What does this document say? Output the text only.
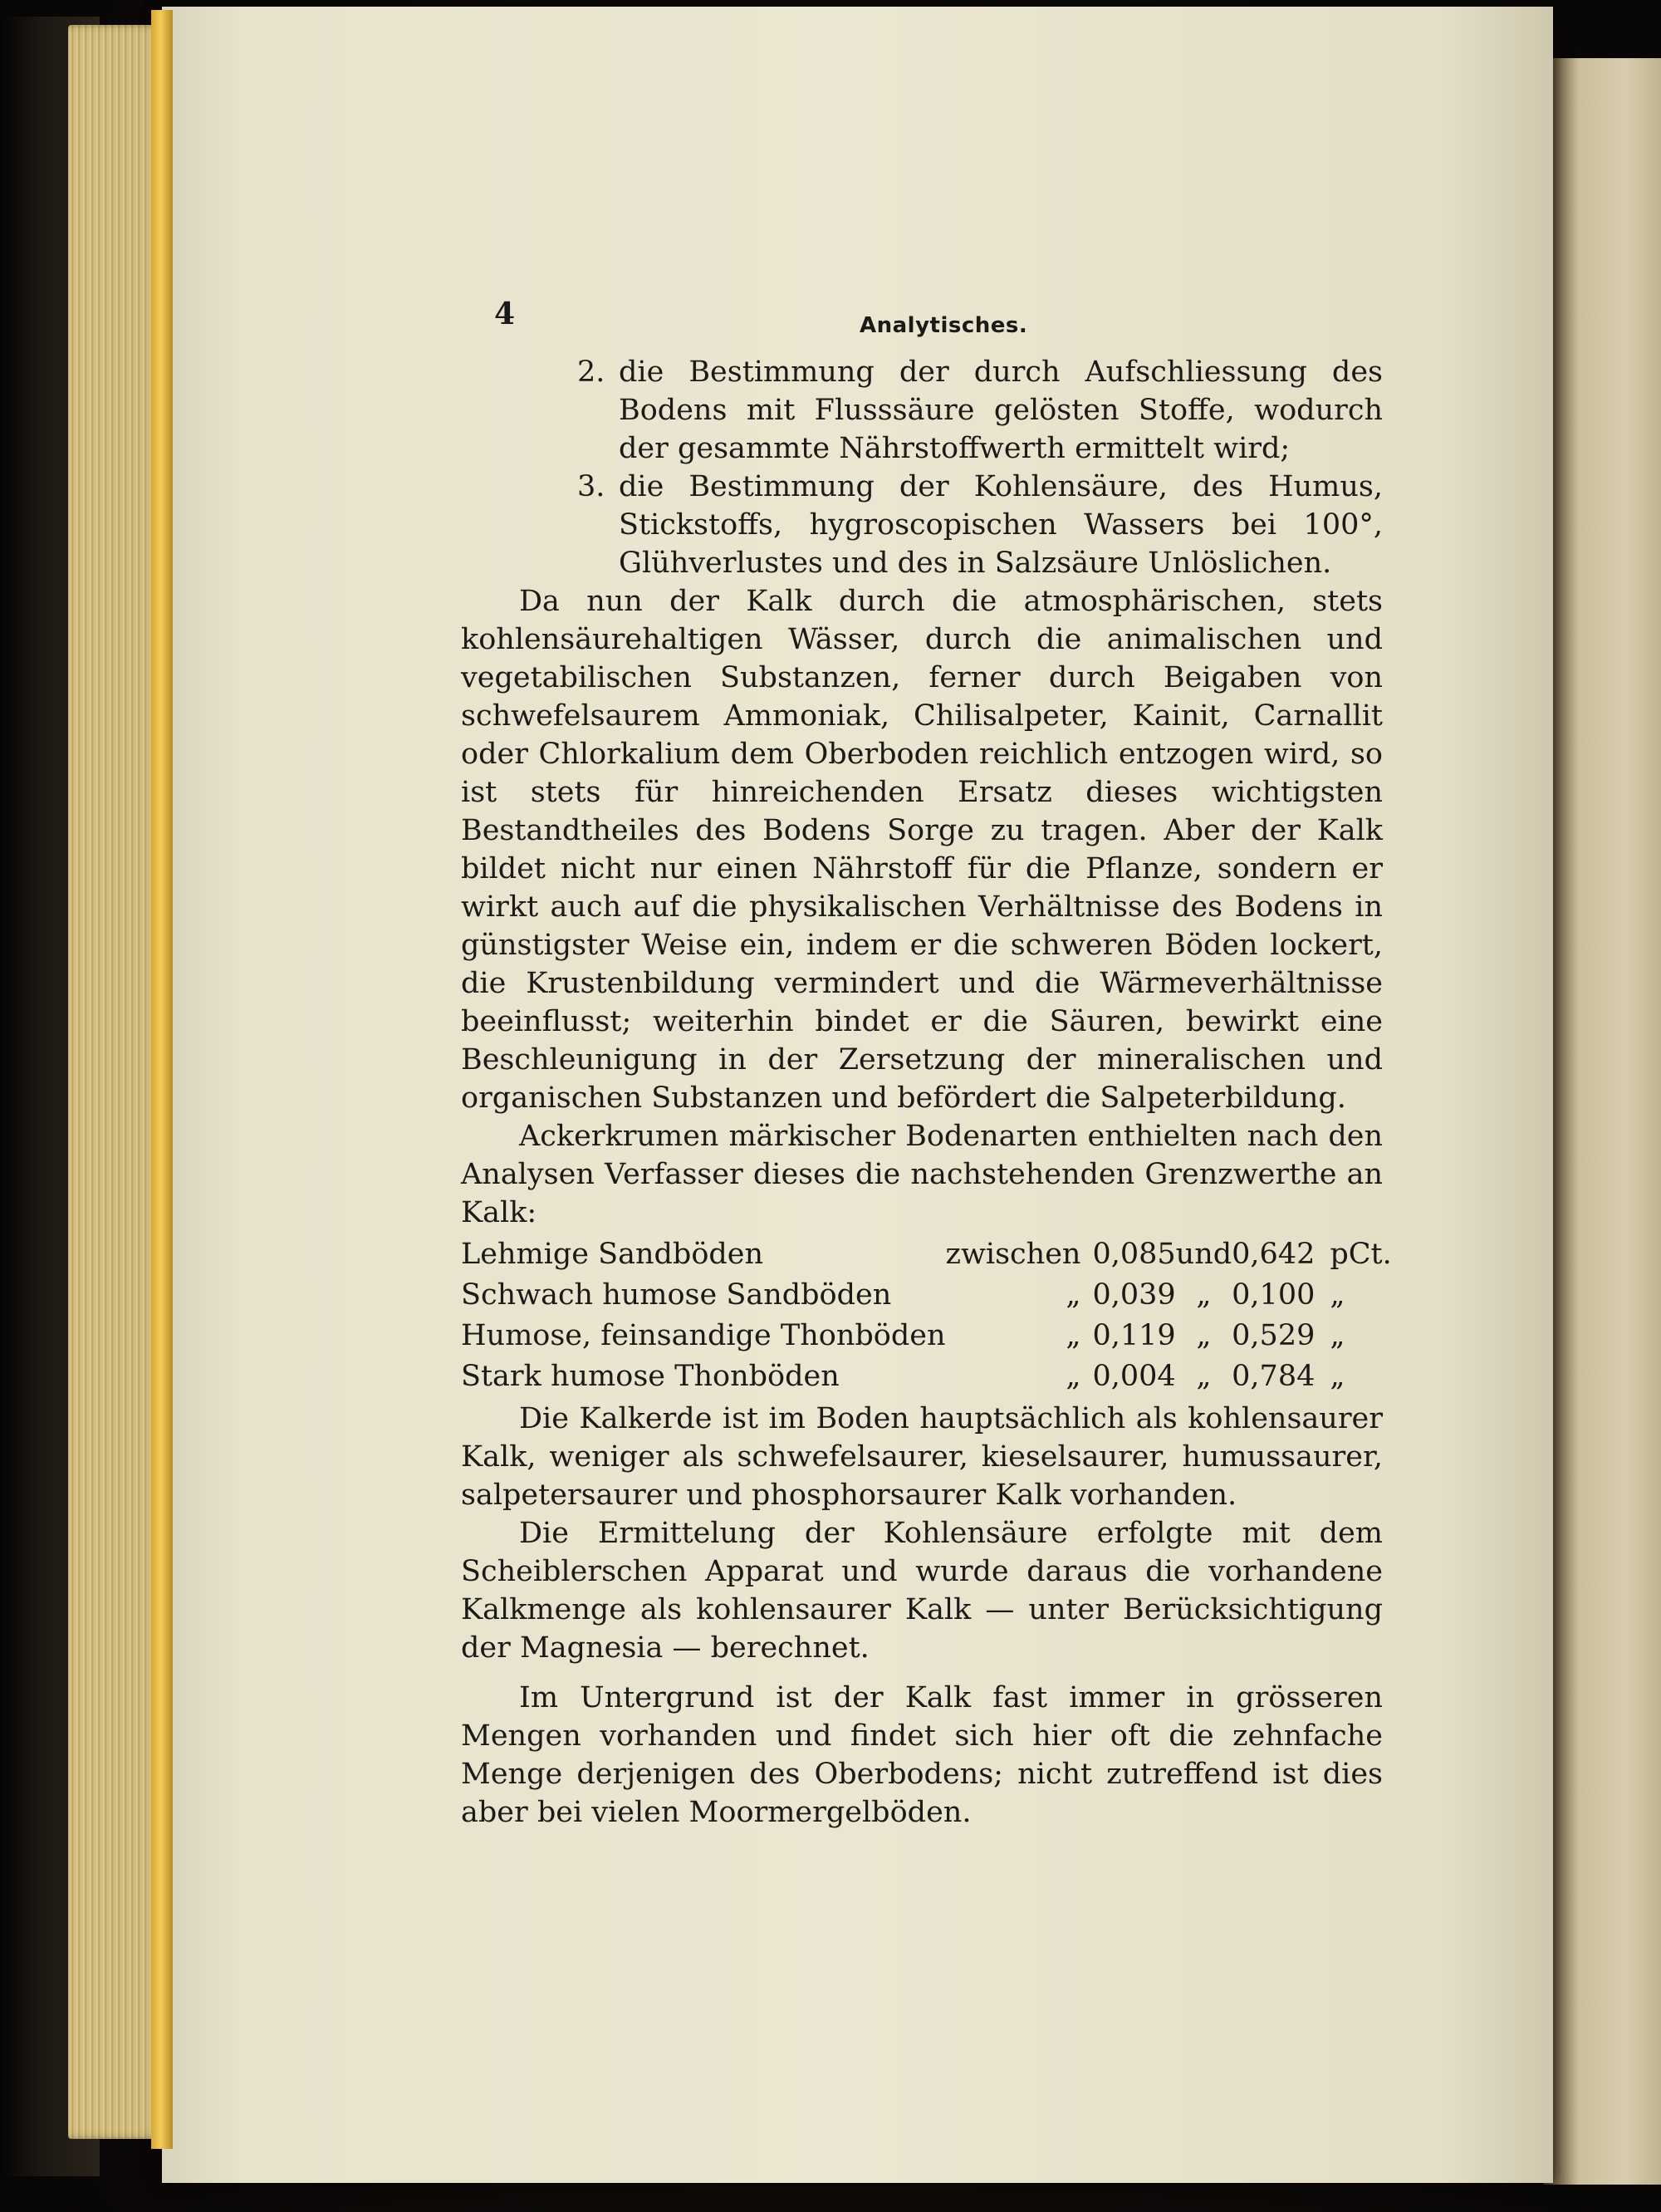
4	Analytisches.
2. die Bestimmung der durch Aufschliessung des Bodens mit Flusssäure gelösten Stoffe, wodurch der gesammte Nährstoffwerth ermittelt wird;
3. die Bestimmung der Kohlensäure, des Humus, Stickstoffs, hygroscopischen Wassers bei 100°, Glühverlustes und des in Salzsäure Unlöslichen.

Da nun der Kalk durch die atmosphärischen, stets kohlensäurehaltigen Wässer, durch die animalischen und vegetabilischen Substanzen, ferner durch Beigaben von schwefelsaurem Ammoniak, Chilisalpeter, Kainit, Carnallit oder Chlorkalium dem Oberboden reichlich entzogen wird, so ist stets für hinreichenden Ersatz dieses wichtigsten Bestandtheiles des Bodens Sorge zu tragen. Aber der Kalk bildet nicht nur einen Nährstoff für die Pflanze, sondern er wirkt auch auf die physikalischen Verhältnisse des Bodens in günstigster Weise ein, indem er die schweren Böden lockert, die Krustenbildung vermindert und die Wärmeverhältnisse beeinflusst; weiterhin bindet er die Säuren, bewirkt eine Beschleunigung in der Zersetzung der mineralischen und organischen Substanzen und befördert die Salpeterbildung.

Ackerkrumen märkischer Bodenarten enthielten nach den Analysen Verfasser dieses die nachstehenden Grenzwerthe an Kalk:

Lehmige Sandböden	zwischen	0,085	und	0,642	pCt.
Schwach humose Sandböden	„	0,039	„	0,100	„
Humose, feinsandige Thonböden	„	0,119	„	0,529	„
Stark humose Thonböden	„	0,004	„	0,784	„

Die Kalkerde ist im Boden hauptsächlich als kohlensaurer Kalk, weniger als schwefelsaurer, kieselsaurer, humussaurer, salpetersaurer und phosphorsaurer Kalk vorhanden.

Die Ermittelung der Kohlensäure erfolgte mit dem Scheiblerschen Apparat und wurde daraus die vorhandene Kalkmenge als kohlensaurer Kalk — unter Berücksichtigung der Magnesia — berechnet.

Im Untergrund ist der Kalk fast immer in grösseren Mengen vorhanden und findet sich hier oft die zehnfache Menge derjenigen des Oberbodens; nicht zutreffend ist dies aber bei vielen Moormergelböden.
